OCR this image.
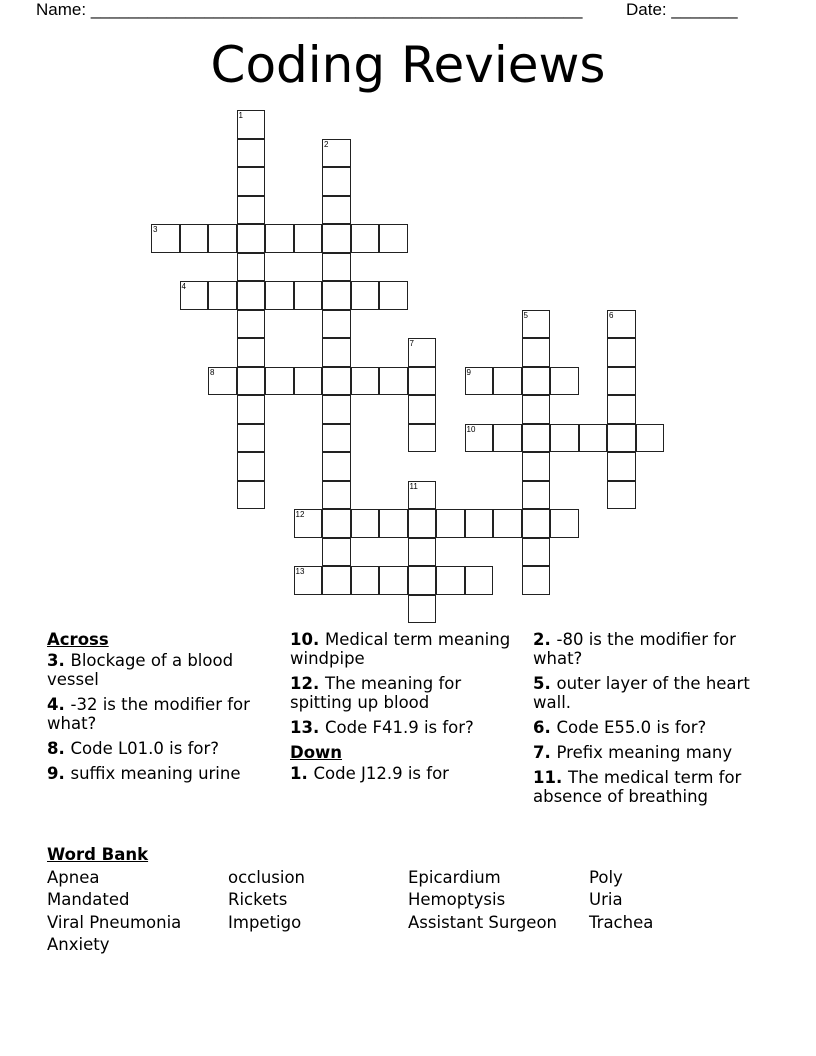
Name: ____________________________________________________	Date: _______
Coding Reviews
1
2
3
4
5	6
7
8	9
10
11
12
13
Across
3. Blockage of a blood vessel
4. -32 is the modifier for what?
8. Code L01.0 is for?
9. suffix meaning urine
10. Medical term meaning windpipe
12. The meaning for spitting up blood
13. Code F41.9 is for?
Down
1. Code J12.9 is for
2. -80 is the modifier for what?
5. outer layer of the heart wall.
6. Code E55.0 is for?
7. Prefix meaning many
11. The medical term for absence of breathing
Word Bank
Apnea
Mandated
Viral Pneumonia
Anxiety
occlusion
Rickets
Impetigo
Epicardium
Hemoptysis
Assistant Surgeon
Poly
Uria
Trachea
